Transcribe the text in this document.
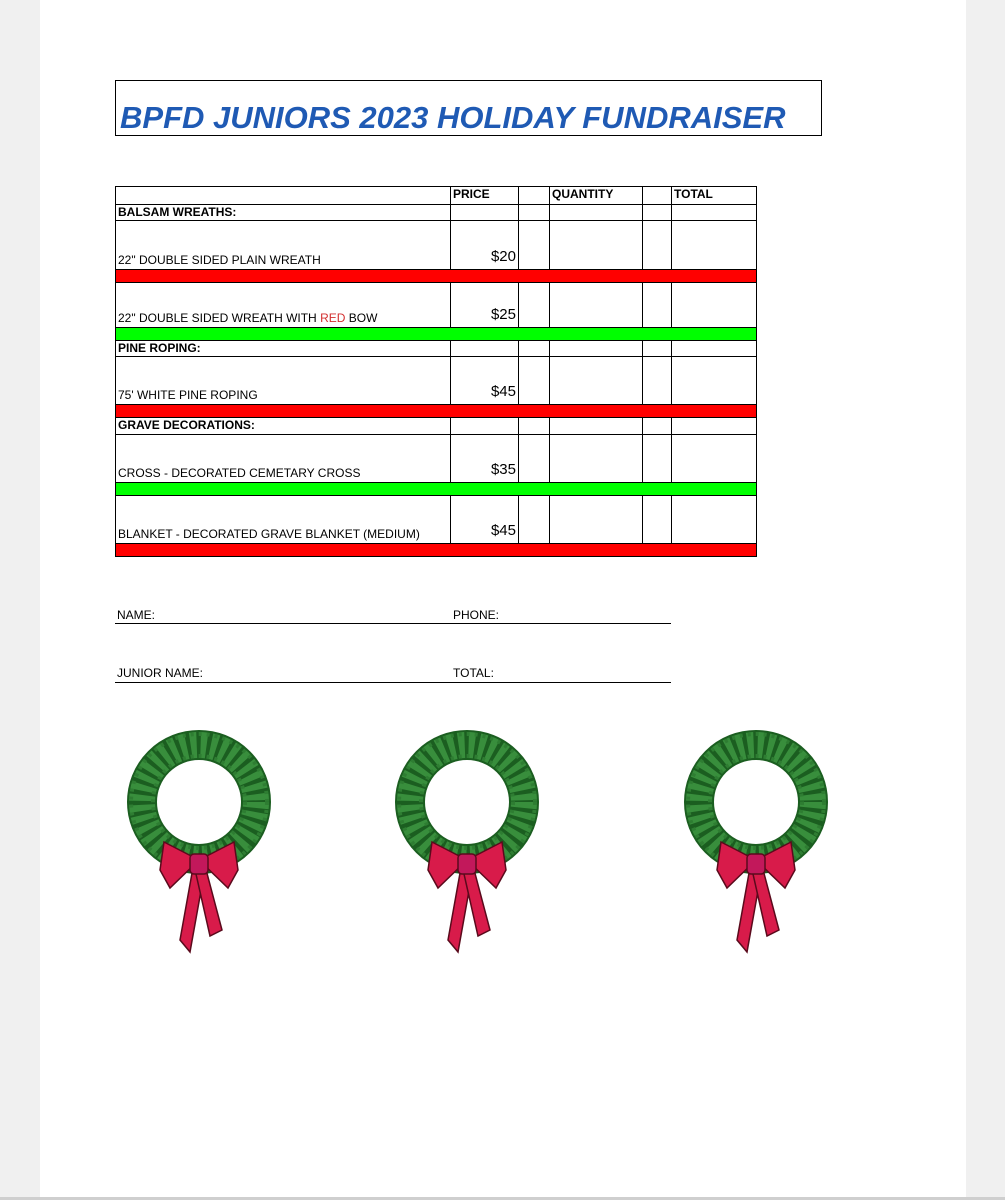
BPFD JUNIORS 2023 HOLIDAY FUNDRAISER
	PRICE		QUANTITY		TOTAL
BALSAM WREATHS:					
22" DOUBLE SIDED PLAIN WREATH	$20				

22" DOUBLE SIDED WREATH WITH RED BOW	$25				

PINE ROPING:					
75' WHITE PINE ROPING	$45				

GRAVE DECORATIONS:					
CROSS - DECORATED CEMETARY CROSS	$35				

BLANKET - DECORATED GRAVE BLANKET (MEDIUM)	$45				

NAME:	PHONE:
JUNIOR NAME:	TOTAL:
